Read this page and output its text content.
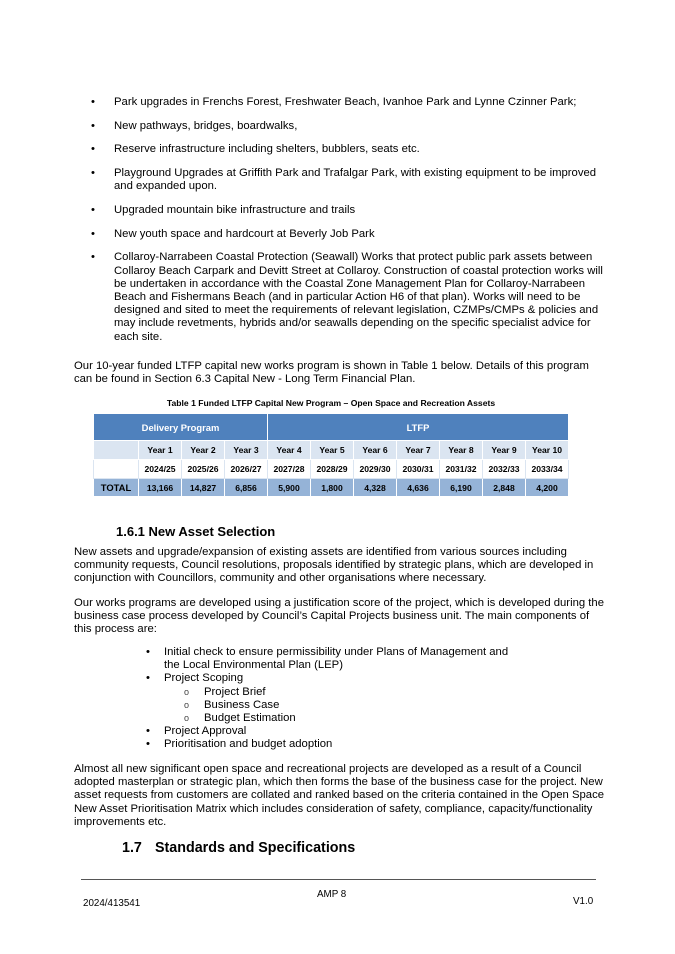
• Park upgrades in Frenchs Forest, Freshwater Beach, Ivanhoe Park and Lynne Czinner Park;
• New pathways, bridges, boardwalks,
• Reserve infrastructure including shelters, bubblers, seats etc.
• Playground Upgrades at Griffith Park and Trafalgar Park, with existing equipment to be improved and expanded upon.
• Upgraded mountain bike infrastructure and trails
• New youth space and hardcourt at Beverly Job Park
• Collaroy-Narrabeen Coastal Protection (Seawall) Works that protect public park assets between Collaroy Beach Carpark and Devitt Street at Collaroy. Construction of coastal protection works will be undertaken in accordance with the Coastal Zone Management Plan for Collaroy-Narrabeen Beach and Fishermans Beach (and in particular Action H6 of that plan). Works will need to be designed and sited to meet the requirements of relevant legislation, CZMPs/CMPs & policies and may include revetments, hybrids and/or seawalls depending on the specific specialist advice for each site.

Our 10-year funded LTFP capital new works program is shown in Table 1 below. Details of this program can be found in Section 6.3 Capital New - Long Term Financial Plan.

Table 1 Funded LTFP Capital New Program – Open Space and Recreation Assets
Delivery Program				LTFP						
	Year 1	Year 2	Year 3	Year 4	Year 5	Year 6	Year 7	Year 8	Year 9	Year 10
	2024/25	2025/26	2026/27	2027/28	2028/29	2029/30	2030/31	2031/32	2032/33	2033/34
TOTAL	13,166	14,827	6,856	5,900	1,800	4,328	4,636	6,190	2,848	4,200
1.6.1 New Asset Selection

New assets and upgrade/expansion of existing assets are identified from various sources including community requests, Council resolutions, proposals identified by strategic plans, which are developed in conjunction with Councillors, community and other organisations where necessary.

Our works programs are developed using a justification score of the project, which is developed during the business case process developed by Council’s Capital Projects business unit. The main components of this process are:

• Initial check to ensure permissibility under Plans of Management and the Local Environmental Plan (LEP)
• Project Scoping
o Project Brief
o Business Case
o Budget Estimation
• Project Approval
• Prioritisation and budget adoption

Almost all new significant open space and recreational projects are developed as a result of a Council adopted masterplan or strategic plan, which then forms the base of the business case for the project. New asset requests from customers are collated and ranked based on the criteria contained in the Open Space New Asset Prioritisation Matrix which includes consideration of safety, compliance, capacity/functionality improvements etc.

1.7 Standards and Specifications
2024/413541
AMP 8
V1.0
